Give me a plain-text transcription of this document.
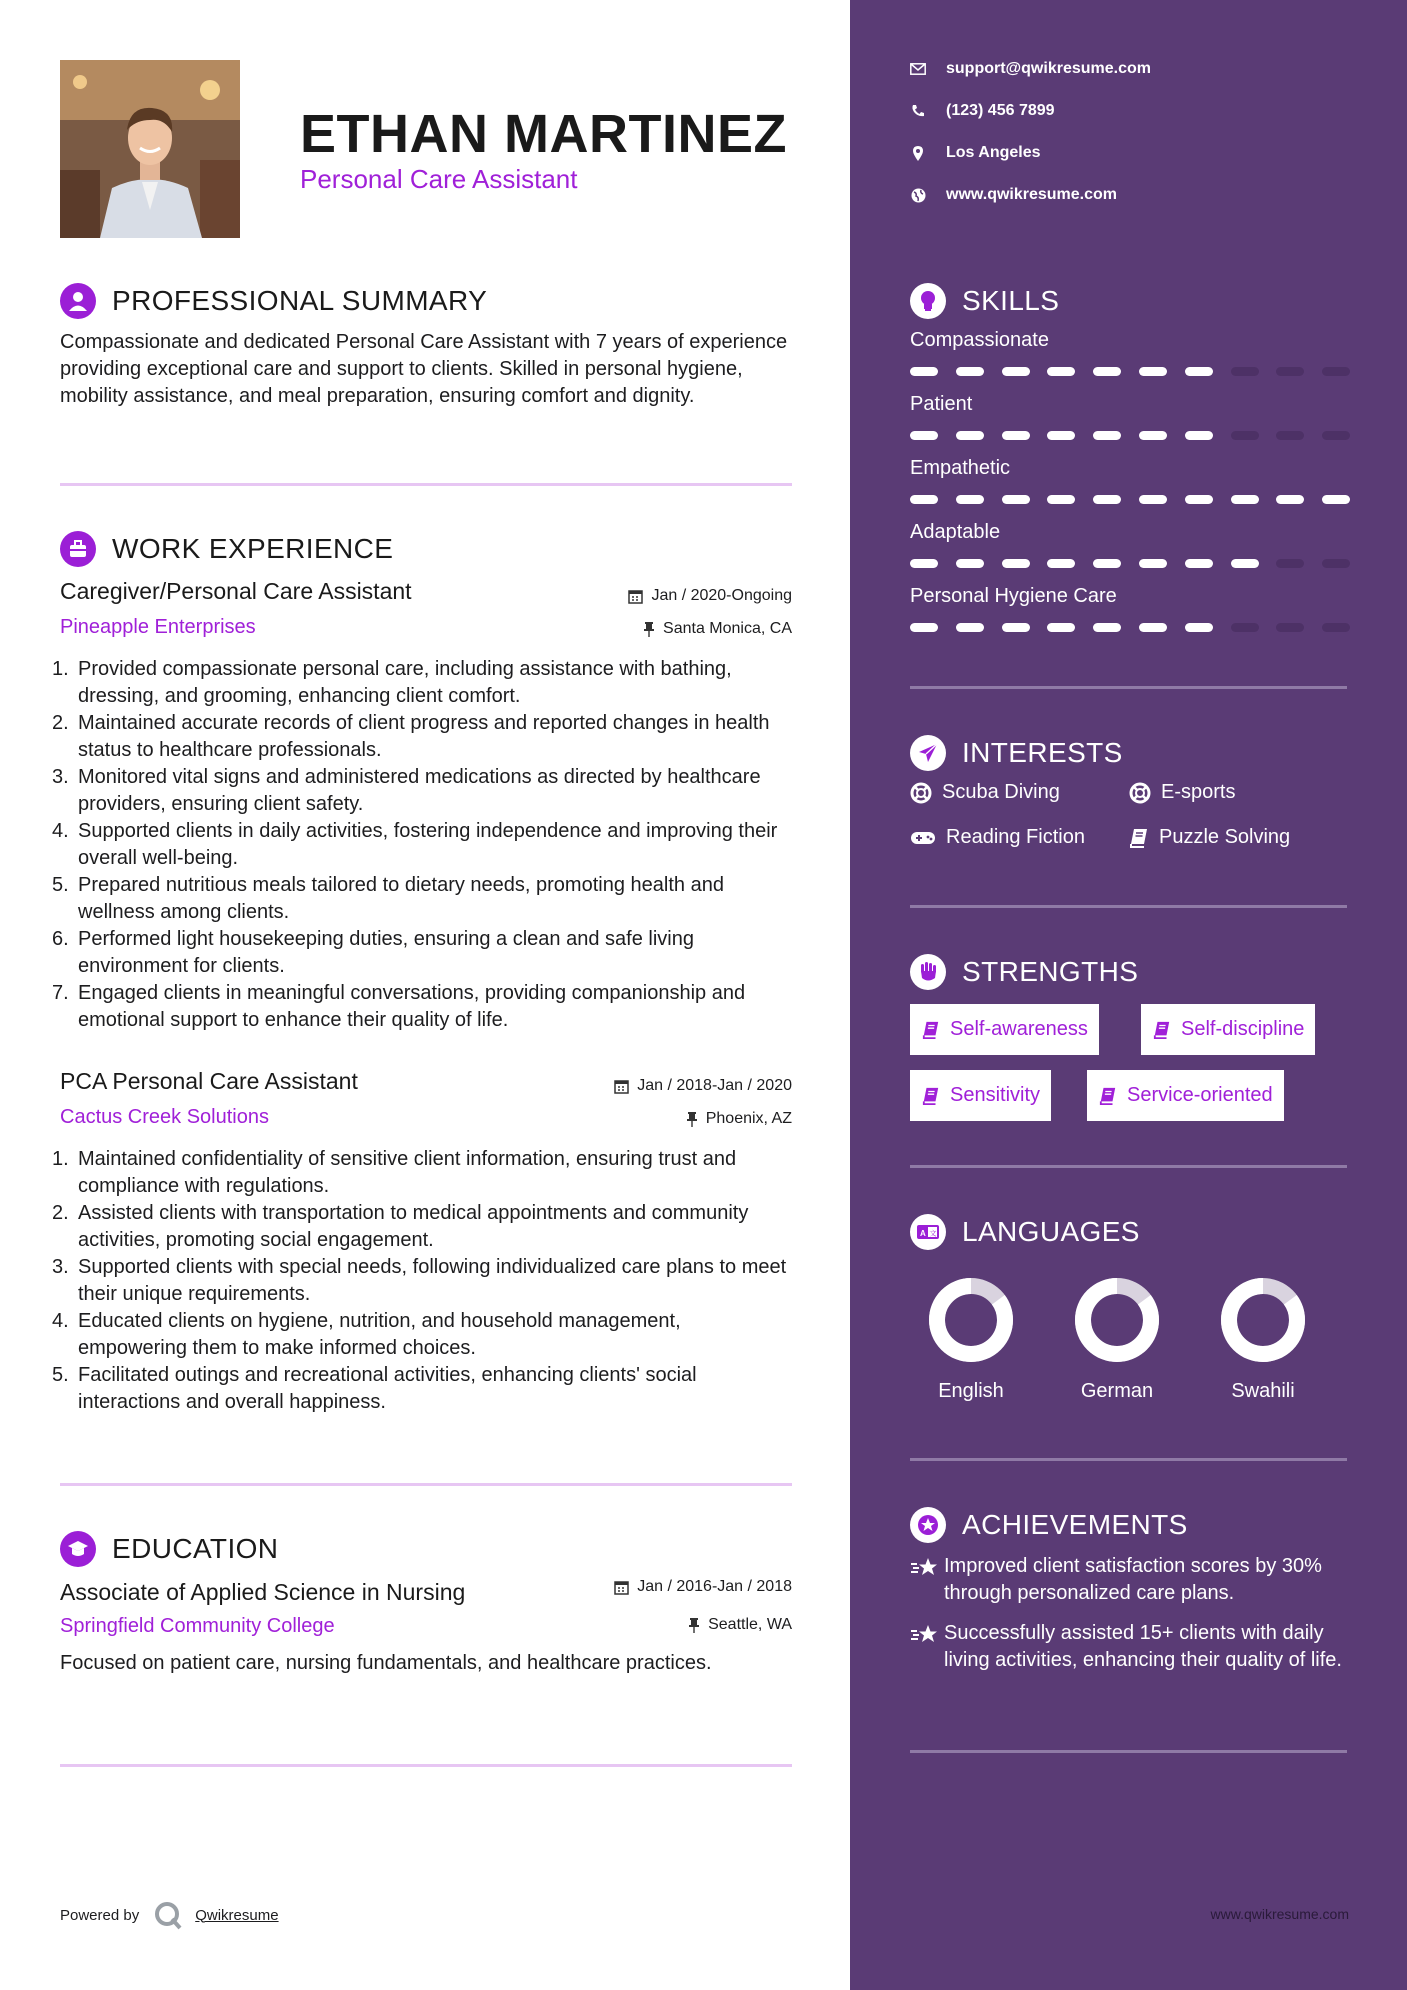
ETHAN MARTINEZ
Personal Care Assistant
PROFESSIONAL SUMMARY
Compassionate and dedicated Personal Care Assistant with 7 years of experience providing exceptional care and support to clients. Skilled in personal hygiene, mobility assistance, and meal preparation, ensuring comfort and dignity.
WORK EXPERIENCE
Caregiver/Personal Care Assistant	Jan / 2020-Ongoing
Pineapple Enterprises	Santa Monica, CA
1. Provided compassionate personal care, including assistance with bathing, dressing, and grooming, enhancing client comfort.
2. Maintained accurate records of client progress and reported changes in health status to healthcare professionals.
3. Monitored vital signs and administered medications as directed by healthcare providers, ensuring client safety.
4. Supported clients in daily activities, fostering independence and improving their overall well-being.
5. Prepared nutritious meals tailored to dietary needs, promoting health and wellness among clients.
6. Performed light housekeeping duties, ensuring a clean and safe living environment for clients.
7. Engaged clients in meaningful conversations, providing companionship and emotional support to enhance their quality of life.
PCA Personal Care Assistant	Jan / 2018-Jan / 2020
Cactus Creek Solutions	Phoenix, AZ
1. Maintained confidentiality of sensitive client information, ensuring trust and compliance with regulations.
2. Assisted clients with transportation to medical appointments and community activities, promoting social engagement.
3. Supported clients with special needs, following individualized care plans to meet their unique requirements.
4. Educated clients on hygiene, nutrition, and household management, empowering them to make informed choices.
5. Facilitated outings and recreational activities, enhancing clients' social interactions and overall happiness.
EDUCATION
Associate of Applied Science in Nursing	Jan / 2016-Jan / 2018
Springfield Community College	Seattle, WA
Focused on patient care, nursing fundamentals, and healthcare practices.
Powered by	Qwikresume
support@qwikresume.com
(123) 456 7899
Los Angeles
www.qwikresume.com
SKILLS
Compassionate
Patient
Empathetic
Adaptable
Personal Hygiene Care
INTERESTS
Scuba Diving	E-sports
Reading Fiction	Puzzle Solving
STRENGTHS
Self-awareness	Self-discipline
Sensitivity	Service-oriented
A 文 LANGUAGES
English	German	Swahili
ACHIEVEMENTS
Improved client satisfaction scores by 30% through personalized care plans.
Successfully assisted 15+ clients with daily living activities, enhancing their quality of life.
www.qwikresume.com
